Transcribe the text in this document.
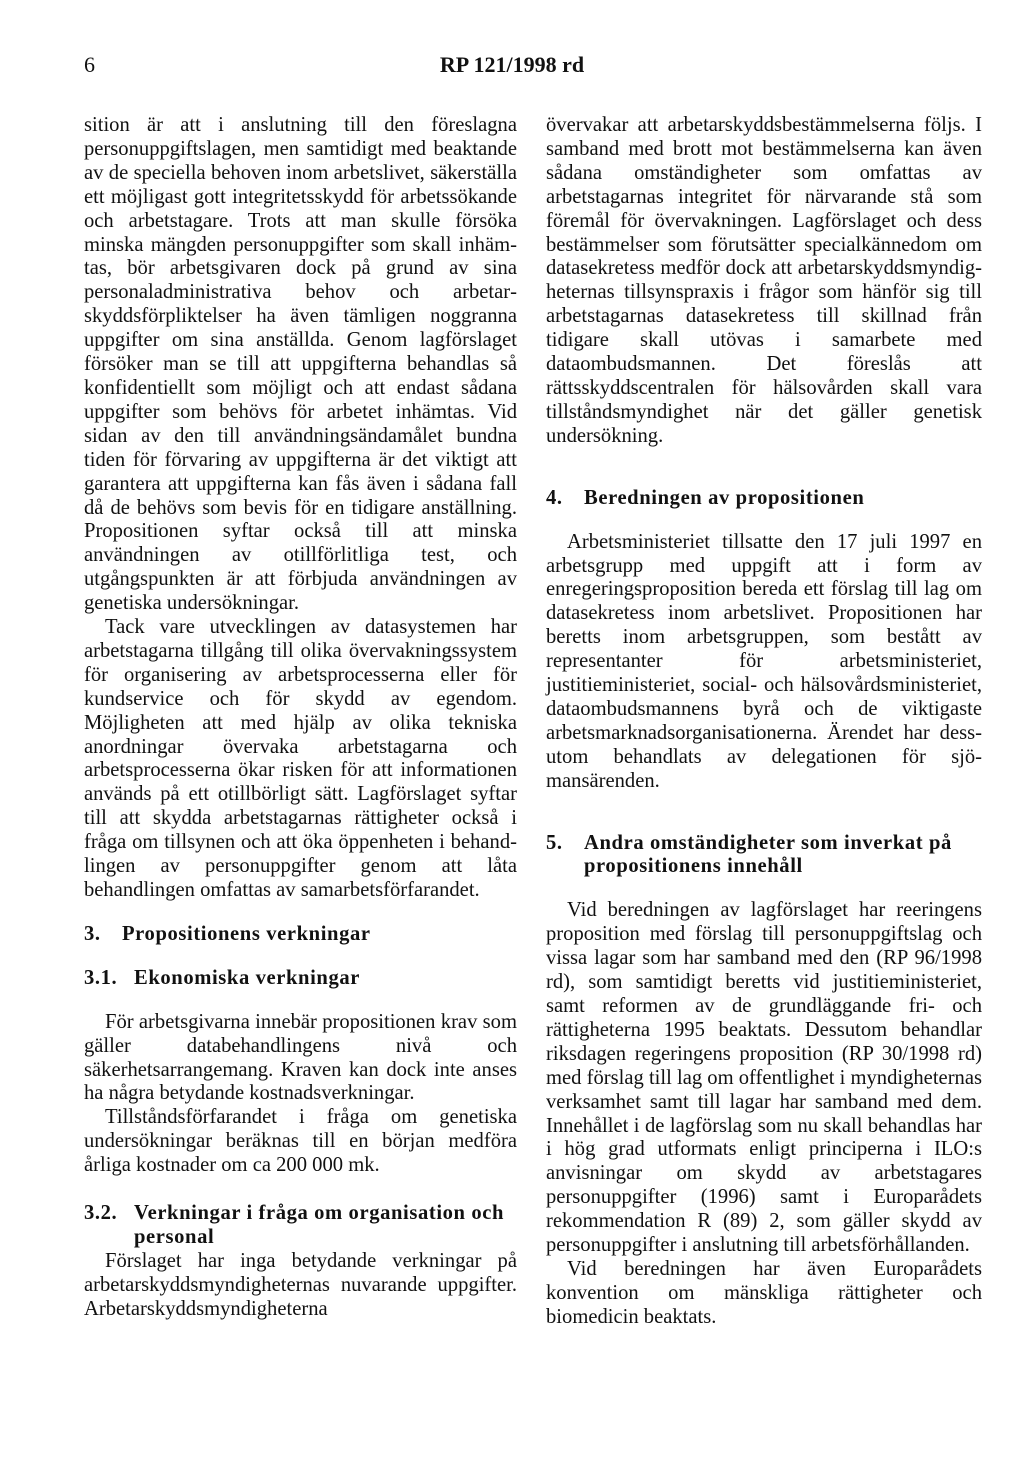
6	RP 121/1998 rd

sition är att i anslutning till den föreslagna personuppgiftslagen, men samtidigt med beaktande av de speciella behoven inom arbetslivet, säkerställa ett möjligast gott integritetsskydd för arbetssökande och arbetstagare. Trots att man skulle försöka minska mängden personuppgifter som skall inhämtas, bör arbetsgivaren dock på grund av sina personaladministrativa behov och arbetarskyddsförpliktelser ha även tämligen noggranna uppgifter om sina anställda. Genom lagförslaget försöker man se till att uppgifterna behandlas så konfidentiellt som möjligt och att endast sådana uppgifter som behövs för arbetet inhämtas. Vid sidan av den till användningsändamålet bundna tiden för förvaring av uppgifterna är det viktigt att garantera att uppgifterna kan fås även i sådana fall då de behövs som bevis för en tidigare anställning. Propositionen syftar också till att minska användningen av otillförlitliga test, och utgångspunkten är att förbjuda användningen av genetiska undersökningar.

Tack vare utvecklingen av datasystemen har arbetstagarna tillgång till olika övervakningssystem för organisering av arbetsprocesserna eller för kundservice och för skydd av egendom. Möjligheten att med hjälp av olika tekniska anordningar övervaka arbetstagarna och arbetsprocesserna ökar risken för att informationen används på ett otillbörligt sätt. Lagförslaget syftar till att skydda arbetstagarnas rättigheter också i fråga om tillsynen och att öka öppenheten i behandlingen av personuppgifter genom att låta behandlingen omfattas av samarbetsförfarandet.

3.	Propositionens verkningar
3.1. Ekonomiska verkningar

För arbetsgivarna innebär propositionen krav som gäller databehandlingens nivå och säkerhetsarrangemang. Kraven kan dock inte anses ha några betydande kostnadsverkningar.

Tillståndsförfarandet i fråga om genetiska undersökningar beräknas till en början medföra årliga kostnader om ca 200 000 mk.

3.2. Verkningar i fråga om organisation och personal

Förslaget har inga betydande verkningar på arbetarskyddsmyndigheternas nuvarande uppgifter. Arbetarskyddsmyndigheterna

övervakar att arbetarskyddsbestämmelserna följs. I samband med brott mot bestämmelserna kan även sådana omständigheter som omfattas av arbetstagarnas integritet för närvarande stå som föremål för övervakningen. Lagförslaget och dess bestämmelser som förutsätter specialkännedom om datasekretess medför dock att arbetarskyddsmyndigheternas tillsynspraxis i frågor som hänför sig till arbetstagarnas datasekretess till skillnad från tidigare skall utövas i samarbete med dataombudsmannen. Det föreslås att rättsskyddscentralen för hälsovården skall vara tillståndsmyndighet när det gäller genetisk undersökning.

4.	Beredningen av propositionen

Arbetsministeriet tillsatte den 17 juli 1997 en arbetsgrupp med uppgift att i form av enregeringsproposition bereda ett förslag till lag om datasekretess inom arbetslivet. Propositionen har beretts inom arbetsgruppen, som bestått av representanter för arbetsministeriet, justitieministeriet, social- och hälsovårdsministeriet, dataombudsmannens byrå och de viktigaste arbetsmarknadsorganisationerna. Ärendet har dessutom behandlats av delegationen för sjömansärenden.

5.	Andra omständigheter som inverkat på propositionens innehåll

Vid beredningen av lagförslaget har reeringens proposition med förslag till personuppgiftslag och vissa lagar som har samband med den (RP 96/1998 rd), som samtidigt beretts vid justitieministeriet, samt reformen av de grundläggande fri- och rättigheterna 1995 beaktats. Dessutom behandlar riksdagen regeringens proposition (RP 30/1998 rd) med förslag till lag om offentlighet i myndigheternas verksamhet samt till lagar har samband med dem. Innehållet i de lagförslag som nu skall behandlas har i hög grad utformats enligt principerna i ILO:s anvisningar om skydd av arbetstagares personuppgifter (1996) samt i Europarådets rekommendation R (89) 2, som gäller skydd av personuppgifter i anslutning till arbetsförhållanden.

Vid beredningen har även Europarådets konvention om mänskliga rättigheter och biomedicin beaktats.
